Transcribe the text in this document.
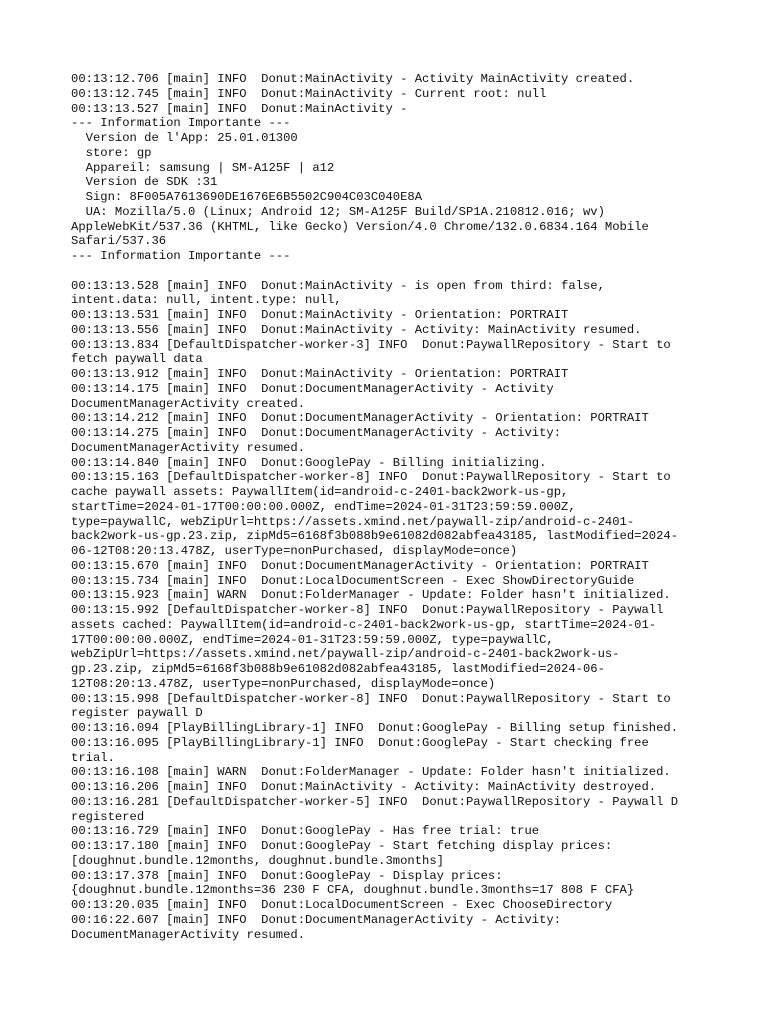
00:13:12.706 [main] INFO  Donut:MainActivity - Activity MainActivity created.
00:13:12.745 [main] INFO  Donut:MainActivity - Current root: null
00:13:13.527 [main] INFO  Donut:MainActivity -
--- Information Importante ---
Version de l'App: 25.01.01300
store: gp
Appareil: samsung | SM-A125F | a12
Version de SDK :31
Sign: 8F005A7613690DE1676E6B5502C904C03C040E8A
UA: Mozilla/5.0 (Linux; Android 12; SM-A125F Build/SP1A.210812.016; wv)
AppleWebKit/537.36 (KHTML, like Gecko) Version/4.0 Chrome/132.0.6834.164 Mobile
Safari/537.36
--- Information Importante ---
00:13:13.528 [main] INFO  Donut:MainActivity - is open from third: false,
intent.data: null, intent.type: null,
00:13:13.531 [main] INFO  Donut:MainActivity - Orientation: PORTRAIT
00:13:13.556 [main] INFO  Donut:MainActivity - Activity: MainActivity resumed.
00:13:13.834 [DefaultDispatcher-worker-3] INFO  Donut:PaywallRepository - Start to
fetch paywall data
00:13:13.912 [main] INFO  Donut:MainActivity - Orientation: PORTRAIT
00:13:14.175 [main] INFO  Donut:DocumentManagerActivity - Activity
DocumentManagerActivity created.
00:13:14.212 [main] INFO  Donut:DocumentManagerActivity - Orientation: PORTRAIT
00:13:14.275 [main] INFO  Donut:DocumentManagerActivity - Activity:
DocumentManagerActivity resumed.
00:13:14.840 [main] INFO  Donut:GooglePay - Billing initializing.
00:13:15.163 [DefaultDispatcher-worker-8] INFO  Donut:PaywallRepository - Start to
cache paywall assets: PaywallItem(id=android-c-2401-back2work-us-gp,
startTime=2024-01-17T00:00:00.000Z, endTime=2024-01-31T23:59:59.000Z,
type=paywallC, webZipUrl=https://assets.xmind.net/paywall-zip/android-c-2401-
back2work-us-gp.23.zip, zipMd5=6168f3b088b9e61082d082abfea43185, lastModified=2024-
06-12T08:20:13.478Z, userType=nonPurchased, displayMode=once)
00:13:15.670 [main] INFO  Donut:DocumentManagerActivity - Orientation: PORTRAIT
00:13:15.734 [main] INFO  Donut:LocalDocumentScreen - Exec ShowDirectoryGuide
00:13:15.923 [main] WARN  Donut:FolderManager - Update: Folder hasn't initialized.
00:13:15.992 [DefaultDispatcher-worker-8] INFO  Donut:PaywallRepository - Paywall
assets cached: PaywallItem(id=android-c-2401-back2work-us-gp, startTime=2024-01-
17T00:00:00.000Z, endTime=2024-01-31T23:59:59.000Z, type=paywallC,
webZipUrl=https://assets.xmind.net/paywall-zip/android-c-2401-back2work-us-
gp.23.zip, zipMd5=6168f3b088b9e61082d082abfea43185, lastModified=2024-06-
12T08:20:13.478Z, userType=nonPurchased, displayMode=once)
00:13:15.998 [DefaultDispatcher-worker-8] INFO  Donut:PaywallRepository - Start to
register paywall D
00:13:16.094 [PlayBillingLibrary-1] INFO  Donut:GooglePay - Billing setup finished.
00:13:16.095 [PlayBillingLibrary-1] INFO  Donut:GooglePay - Start checking free
trial.
00:13:16.108 [main] WARN  Donut:FolderManager - Update: Folder hasn't initialized.
00:13:16.206 [main] INFO  Donut:MainActivity - Activity: MainActivity destroyed.
00:13:16.281 [DefaultDispatcher-worker-5] INFO  Donut:PaywallRepository - Paywall D
registered
00:13:16.729 [main] INFO  Donut:GooglePay - Has free trial: true
00:13:17.180 [main] INFO  Donut:GooglePay - Start fetching display prices:
[doughnut.bundle.12months, doughnut.bundle.3months]
00:13:17.378 [main] INFO  Donut:GooglePay - Display prices:
{doughnut.bundle.12months=36 230 F CFA, doughnut.bundle.3months=17 808 F CFA}
00:13:20.035 [main] INFO  Donut:LocalDocumentScreen - Exec ChooseDirectory
00:16:22.607 [main] INFO  Donut:DocumentManagerActivity - Activity:
DocumentManagerActivity resumed.
